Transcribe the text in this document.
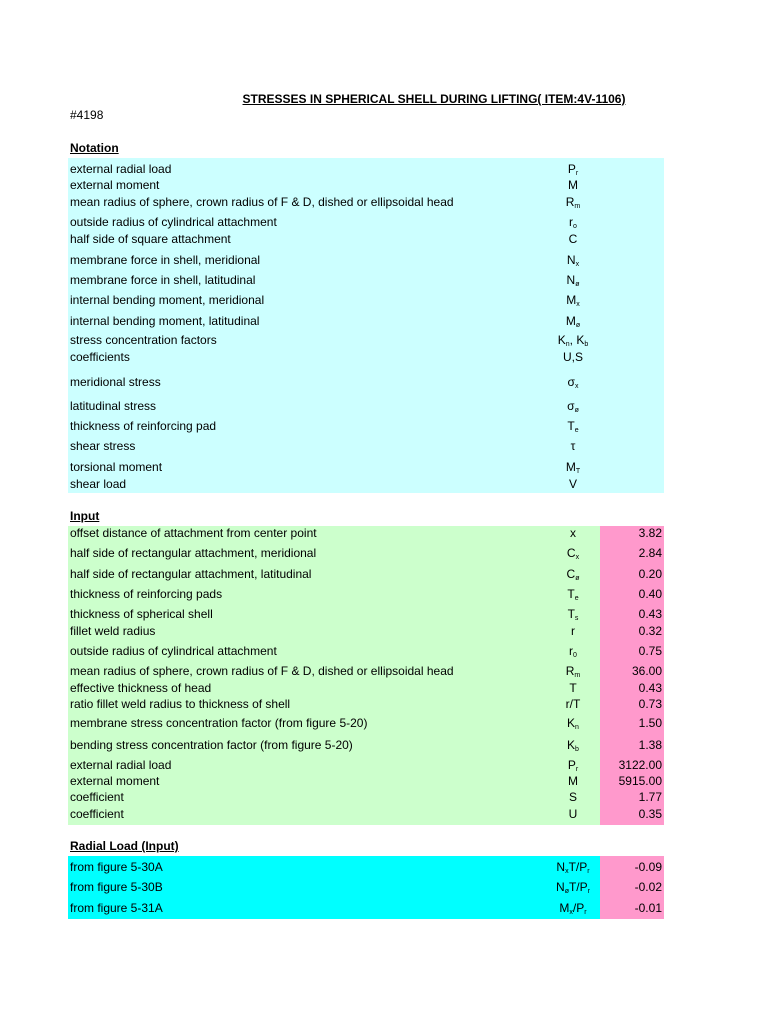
STRESSES IN SPHERICAL SHELL DURING LIFTING( ITEM:4V-1106)
#4198
Notation
external radial load	$P_r$
external moment	M
mean radius of sphere, crown radius of F & D, dished or ellipsoidal head	$R_m$
outside radius of cylindrical attachment	$r_o$
half side of square attachment	C
membrane force in shell, meridional	$N_x$
membrane force in shell, latitudinal	$N_ø$
internal bending moment, meridional	$M_x$
internal bending moment, latitudinal	$M_ø$
stress concentration factors	$K_n$, $K_b$
coefficients	U,S
meridional stress	$\sigma_x$
latitudinal stress	$\sigma_ø$
thickness of reinforcing pad	$T_e$
shear stress	τ
torsional moment	$M_T$
shear load	V
Input
offset distance of attachment from center point	x	3.82
half side of rectangular attachment, meridional	$C_x$	2.84
half side of rectangular attachment, latitudinal	$C_ø$	0.20
thickness of reinforcing pads	$T_e$	0.40
thickness of spherical shell	$T_s$	0.43
fillet weld radius	r	0.32
outside radius of cylindrical attachment	$r_0$	0.75
mean radius of sphere, crown radius of F & D, dished or ellipsoidal head	$R_m$	36.00
effective thickness of head	T	0.43
ratio fillet weld radius to thickness of shell	r/T	0.73
membrane stress concentration factor (from figure 5-20)	$K_n$	1.50
bending stress concentration factor (from figure 5-20)	$K_b$	1.38
external radial load	$P_r$	3122.00
external moment	M	5915.00
coefficient	S	1.77
coefficient	U	0.35
Radial Load (Input)
from figure 5-30A	$N_xT/P_r$	-0.09
from figure 5-30B	$N_øT/P_r$	-0.02
from figure 5-31A	$M_x/P_r$	-0.01
